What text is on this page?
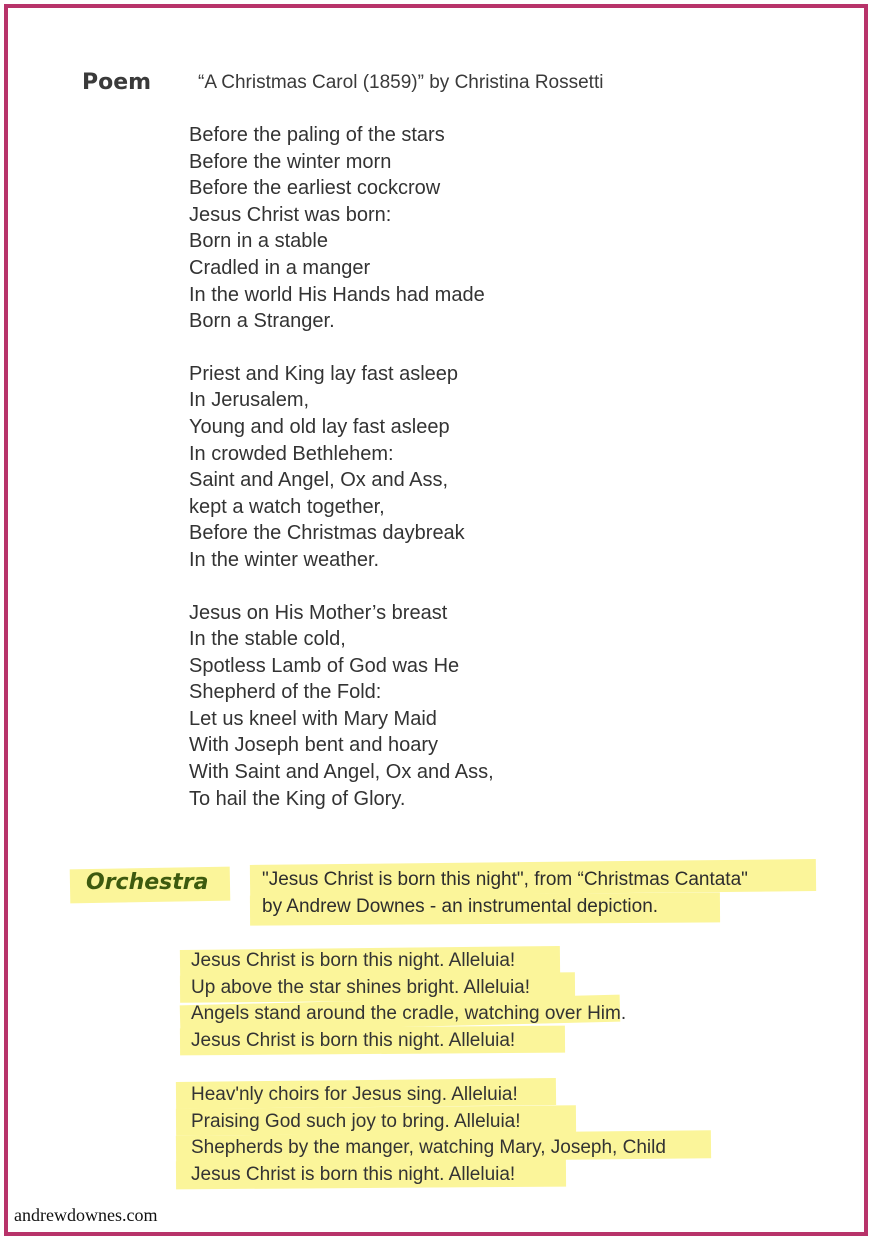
Poem “A Christmas Carol (1859)” by Christina Rossetti
Before the paling of the stars
Before the winter morn
Before the earliest cockcrow
Jesus Christ was born:
Born in a stable
Cradled in a manger
In the world His Hands had made
Born a Stranger.
Priest and King lay fast asleep
In Jerusalem,
Young and old lay fast asleep
In crowded Bethlehem:
Saint and Angel, Ox and Ass,
kept a watch together,
Before the Christmas daybreak
In the winter weather.
Jesus on His Mother’s breast
In the stable cold,
Spotless Lamb of God was He
Shepherd of the Fold:
Let us kneel with Mary Maid
With Joseph bent and hoary
With Saint and Angel, Ox and Ass,
To hail the King of Glory.
Orchestra	"Jesus Christ is born this night", from “Christmas Cantata"
by Andrew Downes - an instrumental depiction.
Jesus Christ is born this night. Alleluia!
Up above the star shines bright. Alleluia!
Angels stand around the cradle, watching over Him.
Jesus Christ is born this night. Alleluia!
Heav'nly choirs for Jesus sing. Alleluia!
Praising God such joy to bring. Alleluia!
Shepherds by the manger, watching Mary, Joseph, Child
Jesus Christ is born this night. Alleluia!
andrewdownes.com
